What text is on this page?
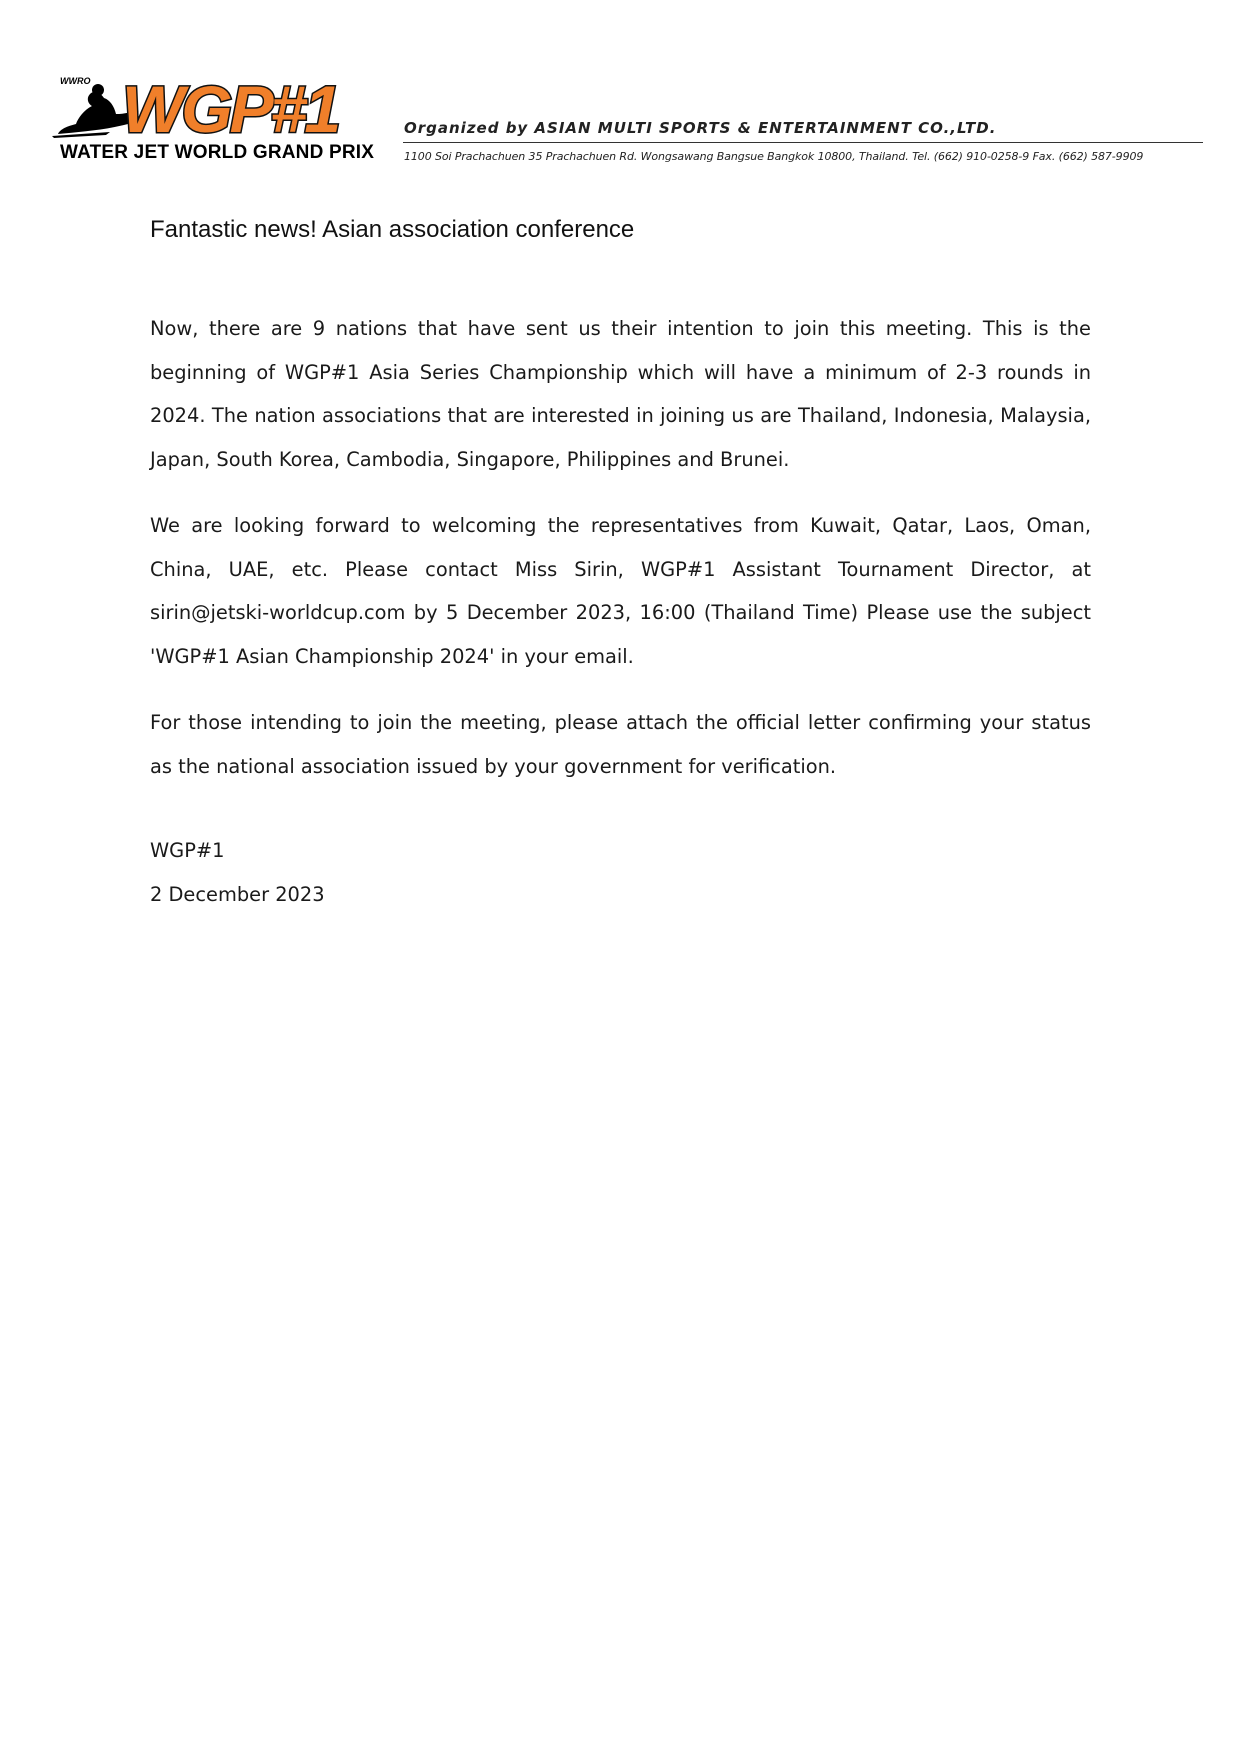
WWRO WGP#1
WATER JET WORLD GRAND PRIX
Organized by ASIAN MULTI SPORTS & ENTERTAINMENT CO.,LTD.
1100 Soi Prachachuen 35 Prachachuen Rd. Wongsawang Bangsue Bangkok 10800, Thailand. Tel. (662) 910-0258-9 Fax. (662) 587-9909
Fantastic news! Asian association conference

Now, there are 9 nations that have sent us their intention to join this meeting. This is the beginning of WGP#1 Asia Series Championship which will have a minimum of 2-3 rounds in 2024. The nation associations that are interested in joining us are Thailand, Indonesia, Malaysia, Japan, South Korea, Cambodia, Singapore, Philippines and Brunei.

We are looking forward to welcoming the representatives from Kuwait, Qatar, Laos, Oman, China, UAE, etc. Please contact Miss Sirin, WGP#1 Assistant Tournament Director, at sirin@jetski-worldcup.com by 5 December 2023, 16:00 (Thailand Time) Please use the subject 'WGP#1 Asian Championship 2024' in your email.

For those intending to join the meeting, please attach the official letter confirming your status as the national association issued by your government for verification.

WGP#1
2 December 2023
